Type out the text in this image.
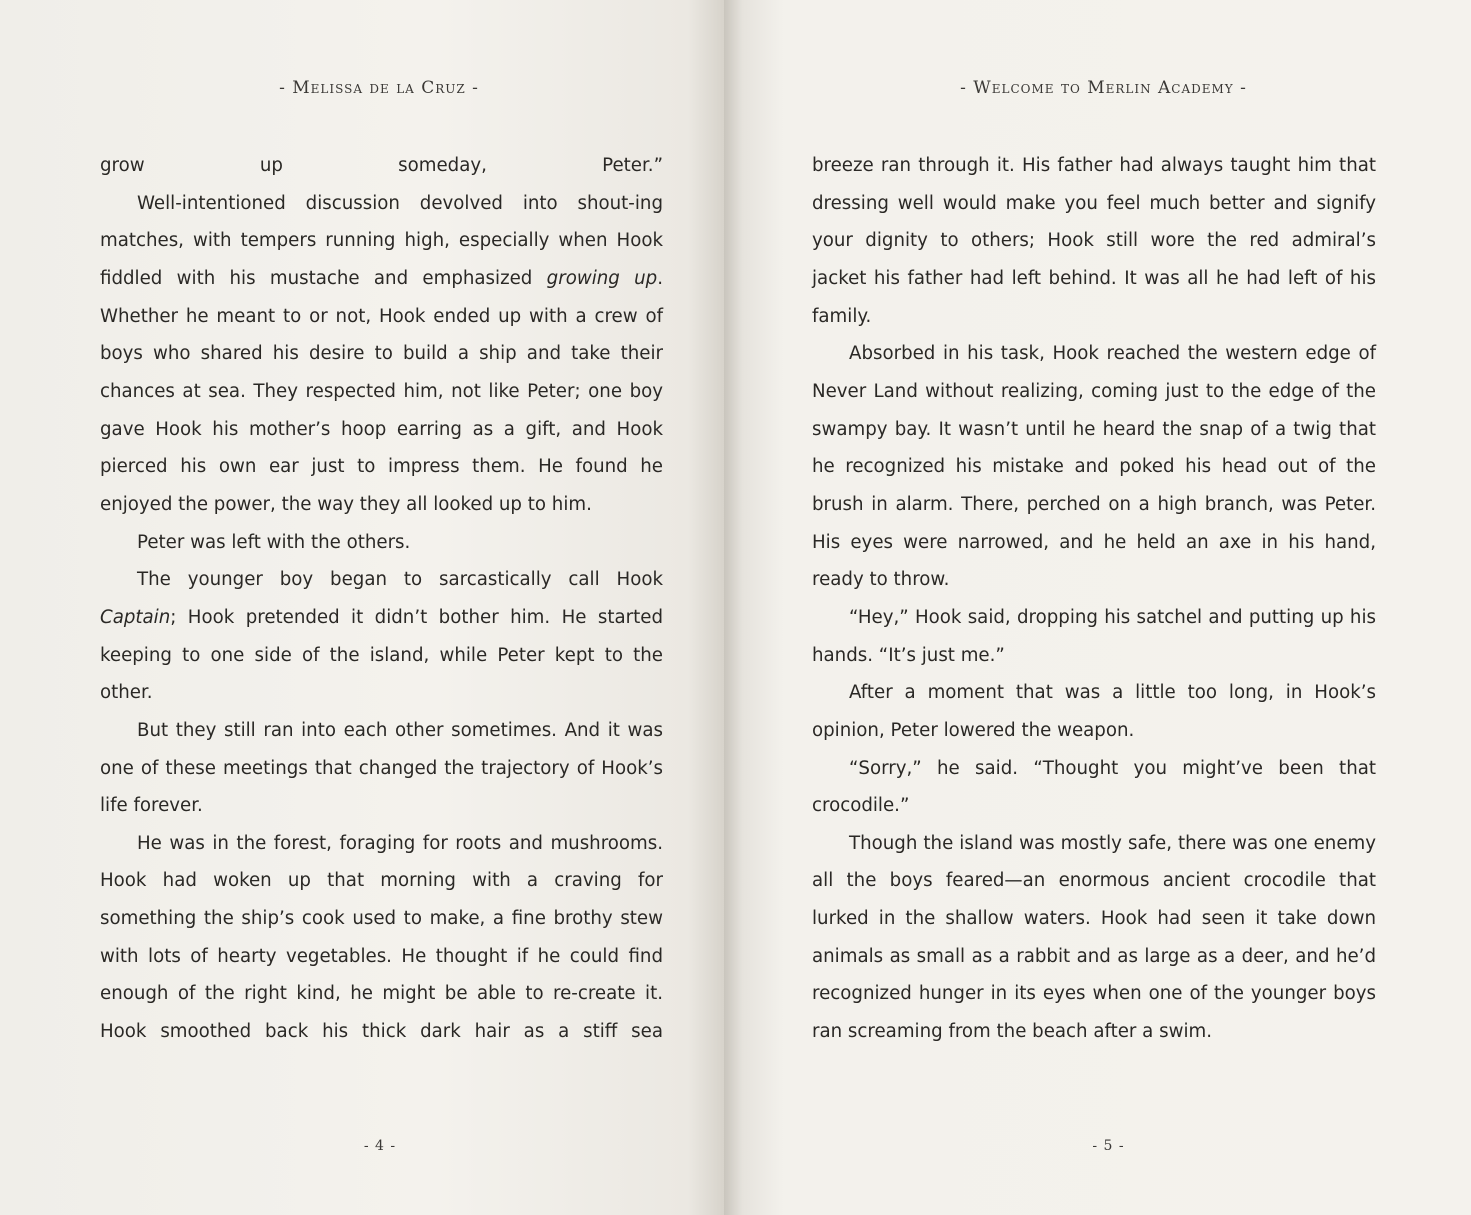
- Melissa de la Cruz -

grow up someday, Peter.”

Well-intentioned discussion devolved into shout-ing matches, with tempers running high, especially when Hook fiddled with his mustache and emphasized growing up. Whether he meant to or not, Hook ended up with a crew of boys who shared his desire to build a ship and take their chances at sea. They respected him, not like Peter; one boy gave Hook his mother’s hoop earring as a gift, and Hook pierced his own ear just to impress them. He found he enjoyed the power, the way they all looked up to him.

Peter was left with the others.

The younger boy began to sarcastically call Hook Captain; Hook pretended it didn’t bother him. He started keeping to one side of the island, while Peter kept to the other.

But they still ran into each other sometimes. And it was one of these meetings that changed the trajectory of Hook’s life forever.

He was in the forest, foraging for roots and mushrooms. Hook had woken up that morning with a craving for something the ship’s cook used to make, a fine brothy stew with lots of hearty vegetables. He thought if he could find enough of the right kind, he might be able to re-create it. Hook smoothed back his thick dark hair as a stiff sea

- 4 -
- Welcome to Merlin Academy -

breeze ran through it. His father had always taught him that dressing well would make you feel much better and signify your dignity to others; Hook still wore the red admiral’s jacket his father had left behind. It was all he had left of his family.

Absorbed in his task, Hook reached the western edge of Never Land without realizing, coming just to the edge of the swampy bay. It wasn’t until he heard the snap of a twig that he recognized his mistake and poked his head out of the brush in alarm. There, perched on a high branch, was Peter. His eyes were narrowed, and he held an axe in his hand, ready to throw.

“Hey,” Hook said, dropping his satchel and putting up his hands. “It’s just me.”

After a moment that was a little too long, in Hook’s opinion, Peter lowered the weapon.

“Sorry,” he said. “Thought you might’ve been that crocodile.”

Though the island was mostly safe, there was one enemy all the boys feared—an enormous ancient crocodile that lurked in the shallow waters. Hook had seen it take down animals as small as a rabbit and as large as a deer, and he’d recognized hunger in its eyes when one of the younger boys ran screaming from the beach after a swim.

- 5 -
